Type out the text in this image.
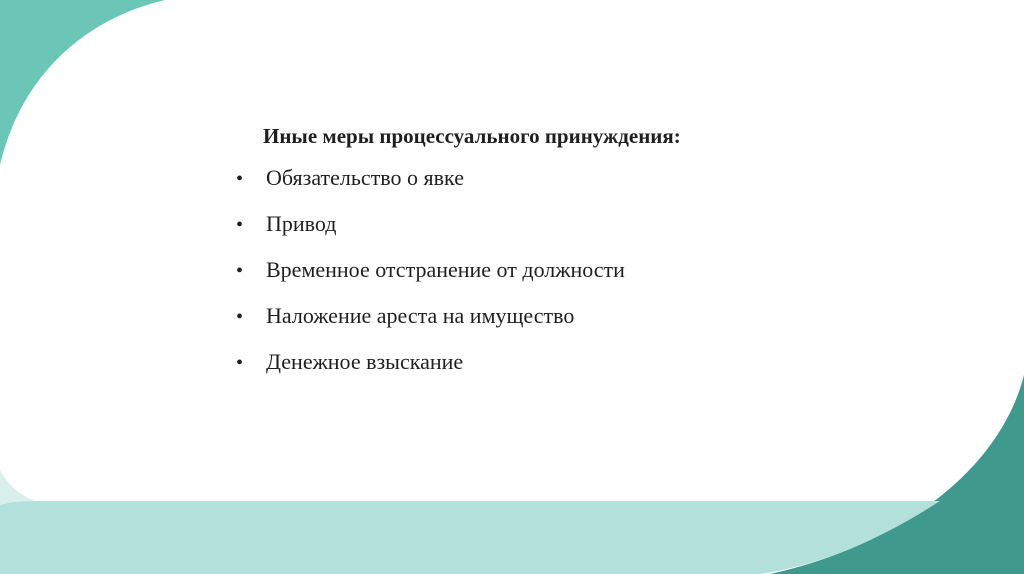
Иные меры процессуального принуждения:
•	Обязательство о явке
•	Привод
•	Временное отстранение от должности
•	Наложение ареста на имущество
•	Денежное взыскание
